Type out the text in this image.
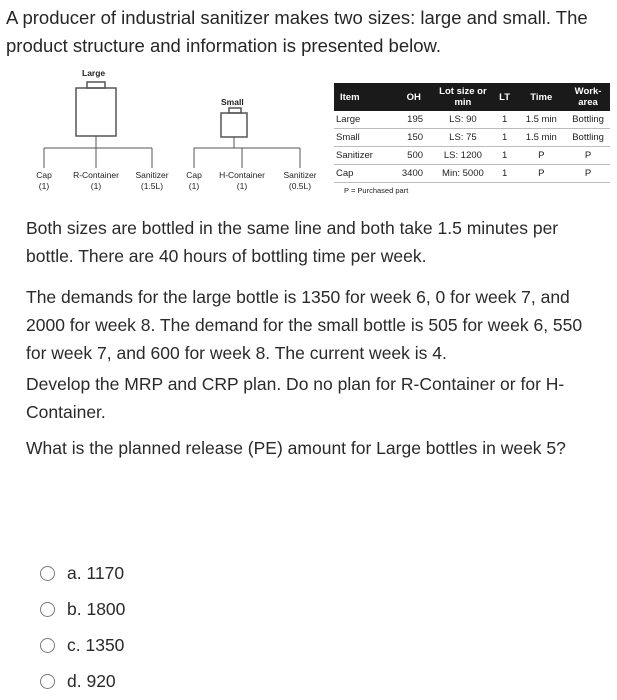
A producer of industrial sanitizer makes two sizes: large and small. The product structure and information is presented below.
Large
Small
Cap
(1)
R-Container
(1)
Sanitizer
(1.5L)
Cap
(1)
H-Container
(1)
Sanitizer
(0.5L)
Item	OH	Lot size or min	LT	Time	Work-area
Large	195	LS: 90	1	1.5 min	Bottling
Small	150	LS: 75	1	1.5 min	Bottling
Sanitizer	500	LS: 1200	1	P	P
Cap	3400	Min: 5000	1	P	P
P = Purchased part
Both sizes are bottled in the same line and both take 1.5 minutes per bottle. There are 40 hours of bottling time per week.
The demands for the large bottle is 1350 for week 6, 0 for week 7, and 2000 for week 8. The demand for the small bottle is 505 for week 6, 550 for week 7, and 600 for week 8. The current week is 4.
Develop the MRP and CRP plan. Do no plan for R-Container or for H-Container.
What is the planned release (PE) amount for Large bottles in week 5?
a. 1170
b. 1800
c. 1350
d. 920
